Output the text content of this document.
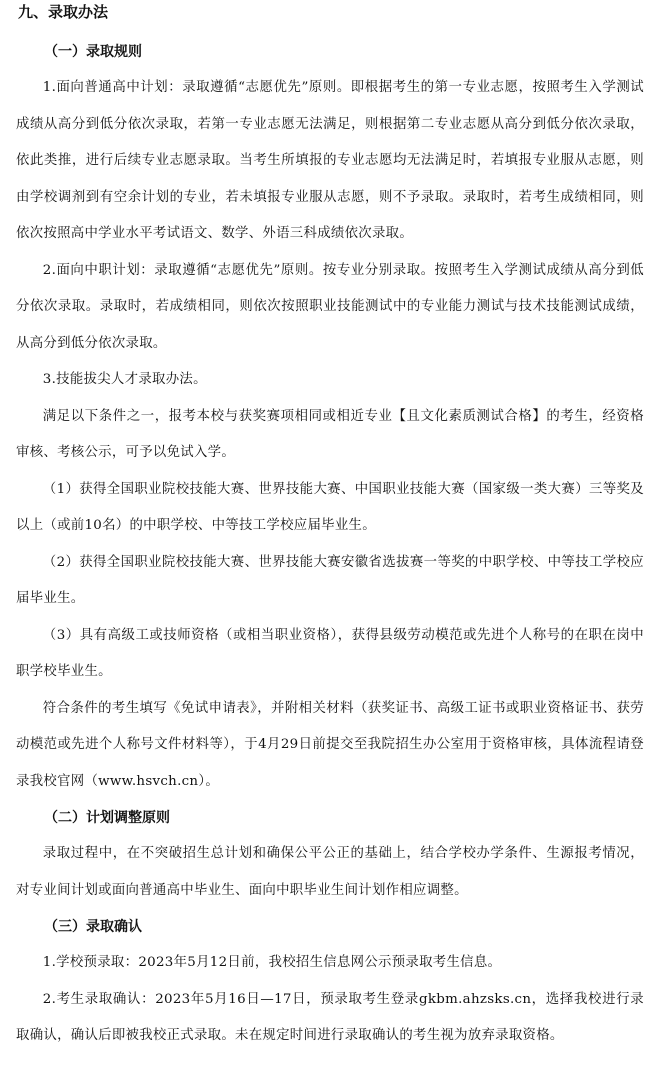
九、录取办法
（一）录取规则

1.面向普通高中计划：录取遵循“志愿优先”原则。即根据考生的第一专业志愿，按照考生入学测试成绩从高分到低分依次录取，若第一专业志愿无法满足，则根据第二专业志愿从高分到低分依次录取，依此类推，进行后续专业志愿录取。当考生所填报的专业志愿均无法满足时，若填报专业服从志愿，则由学校调剂到有空余计划的专业，若未填报专业服从志愿，则不予录取。录取时，若考生成绩相同，则依次按照高中学业水平考试语文、数学、外语三科成绩依次录取。

2.面向中职计划：录取遵循“志愿优先”原则。按专业分别录取。按照考生入学测试成绩从高分到低分依次录取。录取时，若成绩相同，则依次按照职业技能测试中的专业能力测试与技术技能测试成绩，从高分到低分依次录取。

3.技能拔尖人才录取办法。

满足以下条件之一，报考本校与获奖赛项相同或相近专业【且文化素质测试合格】的考生，经资格审核、考核公示，可予以免试入学。

（1）获得全国职业院校技能大赛、世界技能大赛、中国职业技能大赛（国家级一类大赛）三等奖及以上（或前10名）的中职学校、中等技工学校应届毕业生。

（2）获得全国职业院校技能大赛、世界技能大赛安徽省选拔赛一等奖的中职学校、中等技工学校应届毕业生。

（3）具有高级工或技师资格（或相当职业资格），获得县级劳动模范或先进个人称号的在职在岗中职学校毕业生。

符合条件的考生填写《免试申请表》，并附相关材料（获奖证书、高级工证书或职业资格证书、获劳动模范或先进个人称号文件材料等），于4月29日前提交至我院招生办公室用于资格审核，具体流程请登录我校官网（www.hsvch.cn）。

（二）计划调整原则

录取过程中，在不突破招生总计划和确保公平公正的基础上，结合学校办学条件、生源报考情况，对专业间计划或面向普通高中毕业生、面向中职毕业生间计划作相应调整。

（三）录取确认

1.学校预录取：2023年5月12日前，我校招生信息网公示预录取考生信息。

2.考生录取确认：2023年5月16日—17日，预录取考生登录gkbm.ahzsks.cn，选择我校进行录取确认，确认后即被我校正式录取。未在规定时间进行录取确认的考生视为放弃录取资格。
